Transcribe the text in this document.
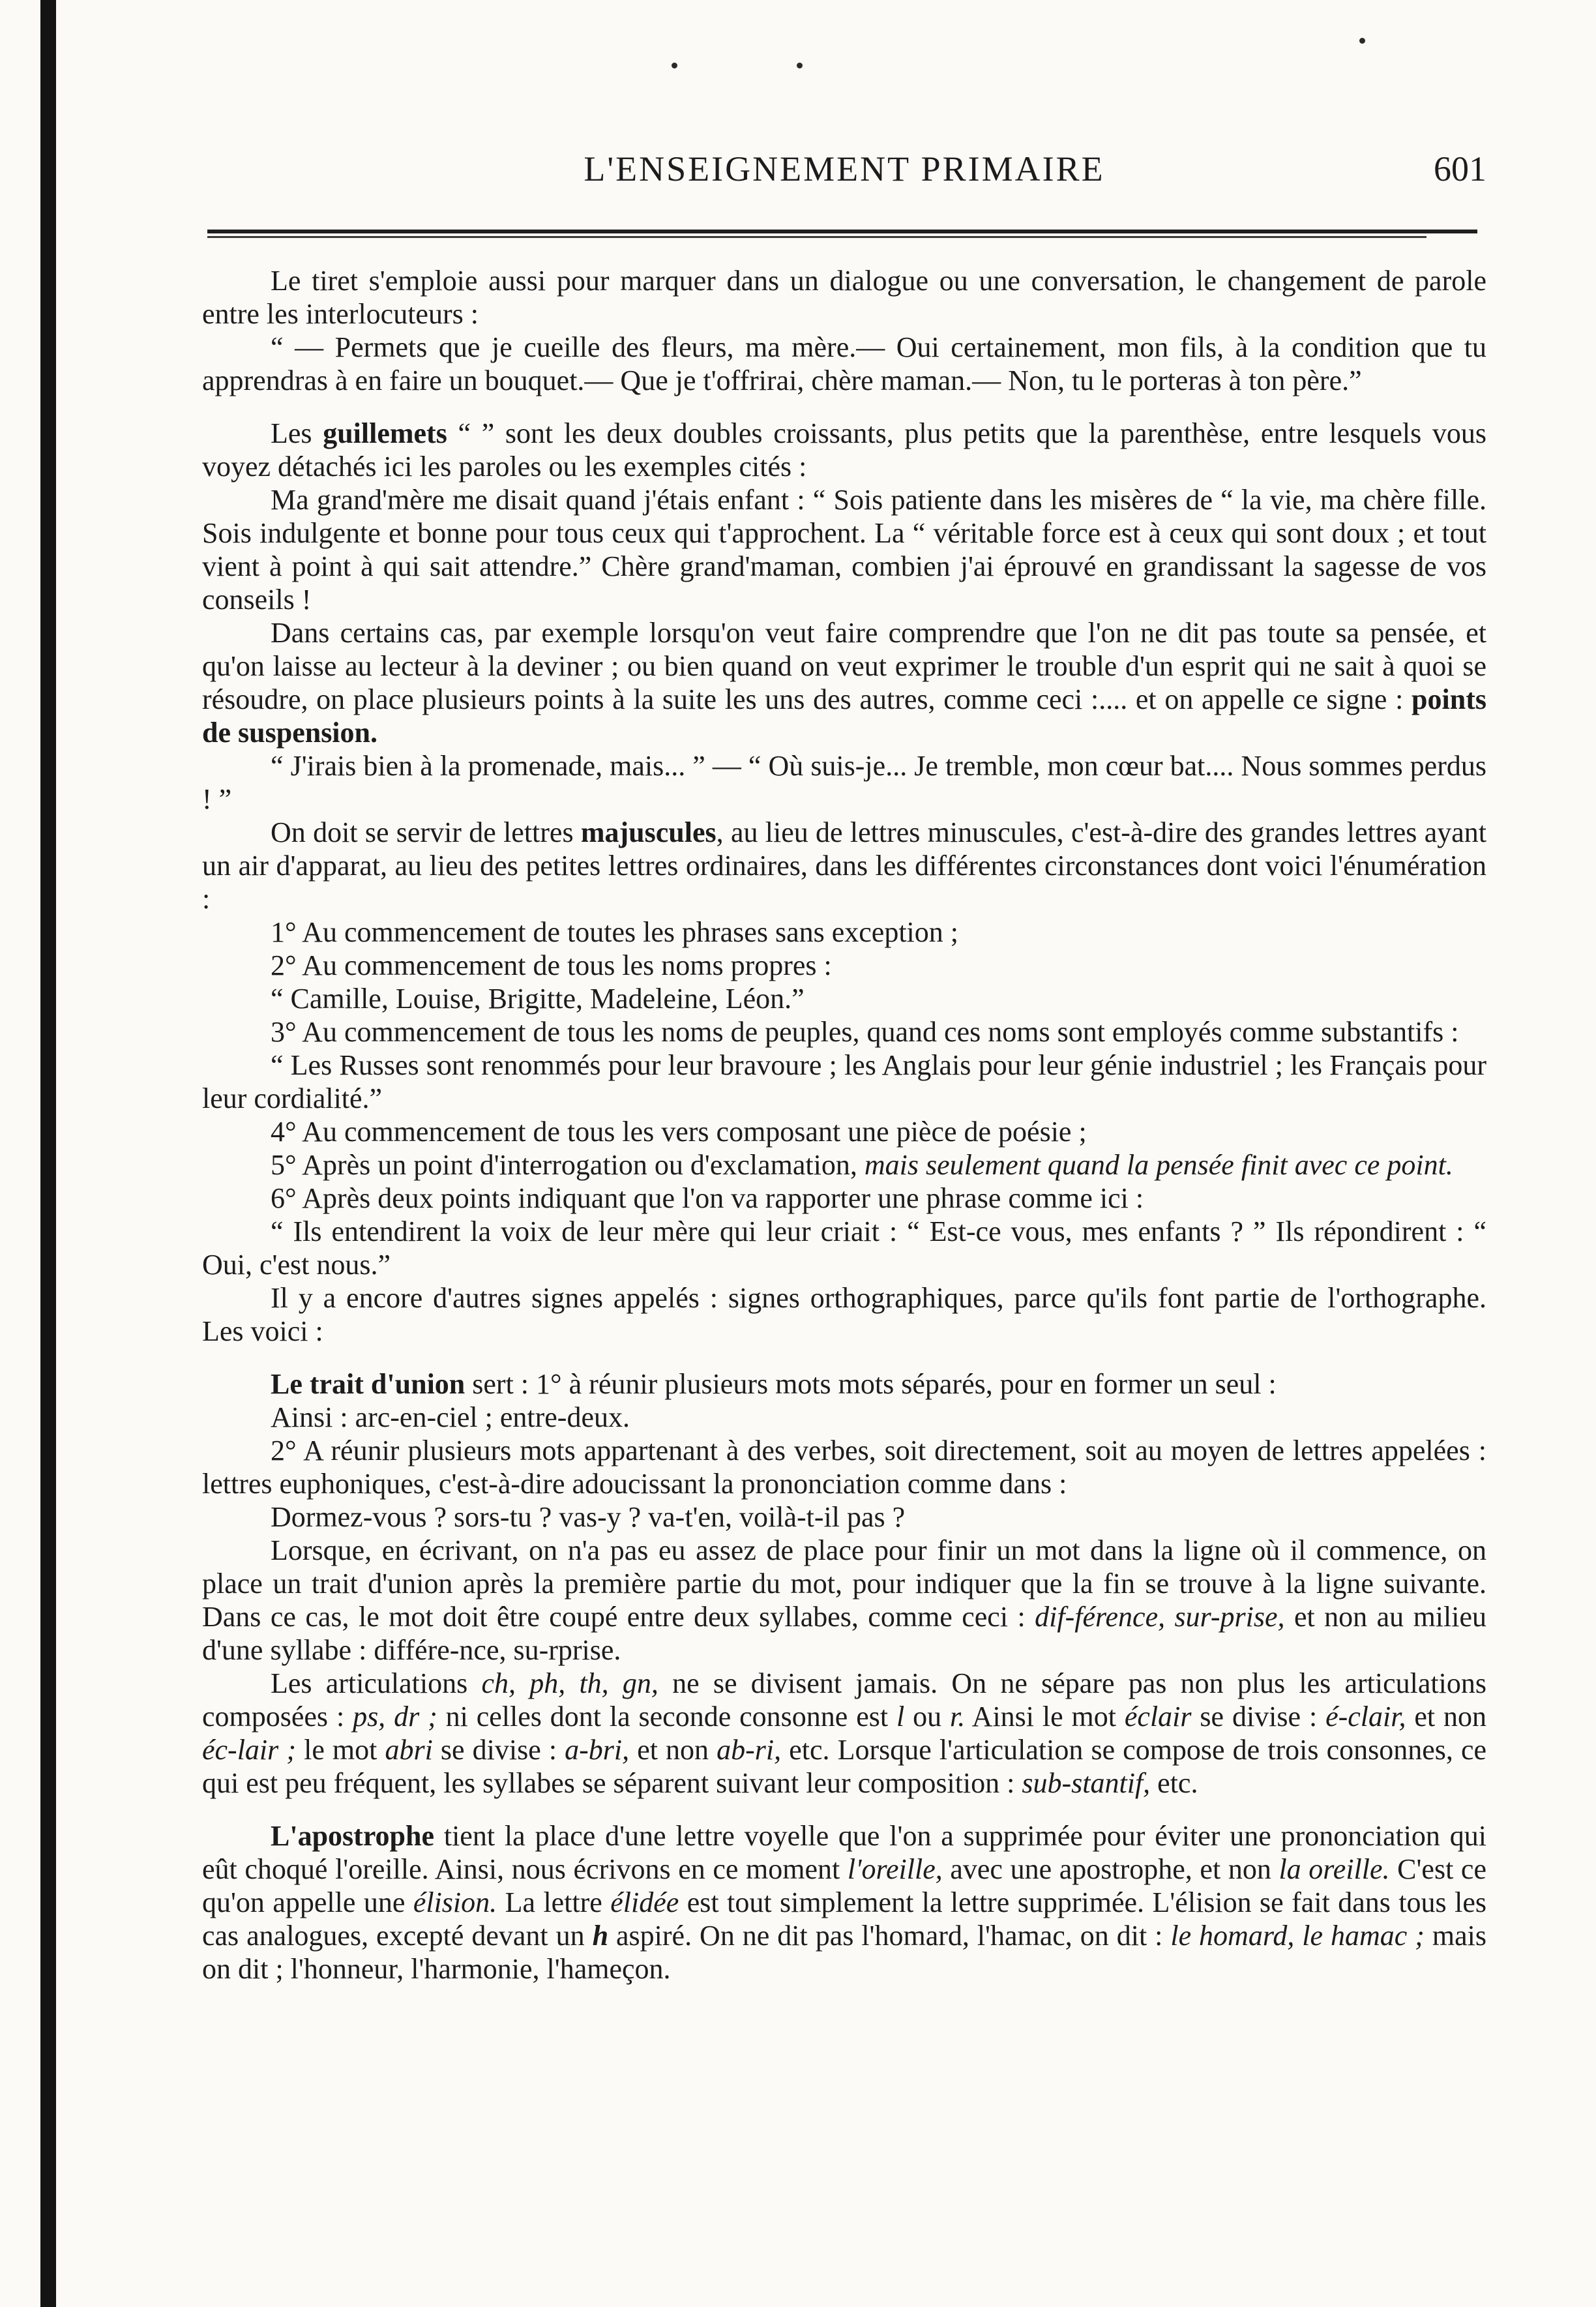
L'ENSEIGNEMENT PRIMAIRE	601

Le tiret s'emploie aussi pour marquer dans un dialogue ou une conversation, le changement de parole entre les interlocuteurs :

“ — Permets que je cueille des fleurs, ma mère.— Oui certainement, mon fils, à la condition que tu apprendras à en faire un bouquet.— Que je t'offrirai, chère maman.— Non, tu le porteras à ton père.”

Les guillemets “ ” sont les deux doubles croissants, plus petits que la parenthèse, entre lesquels vous voyez détachés ici les paroles ou les exemples cités :

Ma grand'mère me disait quand j'étais enfant : “ Sois patiente dans les misères de “ la vie, ma chère fille. Sois indulgente et bonne pour tous ceux qui t'approchent. La “ véritable force est à ceux qui sont doux ; et tout vient à point à qui sait attendre.” Chère grand'maman, combien j'ai éprouvé en grandissant la sagesse de vos conseils !

Dans certains cas, par exemple lorsqu'on veut faire comprendre que l'on ne dit pas toute sa pensée, et qu'on laisse au lecteur à la deviner ; ou bien quand on veut exprimer le trouble d'un esprit qui ne sait à quoi se résoudre, on place plusieurs points à la suite les uns des autres, comme ceci :.... et on appelle ce signe : points de suspension.

“ J'irais bien à la promenade, mais... ” — “ Où suis-je... Je tremble, mon cœur bat.... Nous sommes perdus ! ”

On doit se servir de lettres majuscules, au lieu de lettres minuscules, c'est-à-dire des grandes lettres ayant un air d'apparat, au lieu des petites lettres ordinaires, dans les différentes circonstances dont voici l'énumération :

1° Au commencement de toutes les phrases sans exception ;

2° Au commencement de tous les noms propres :

“ Camille, Louise, Brigitte, Madeleine, Léon.”

3° Au commencement de tous les noms de peuples, quand ces noms sont employés comme substantifs :

“ Les Russes sont renommés pour leur bravoure ; les Anglais pour leur génie industriel ; les Français pour leur cordialité.”

4° Au commencement de tous les vers composant une pièce de poésie ;

5° Après un point d'interrogation ou d'exclamation, mais seulement quand la pensée finit avec ce point.

6° Après deux points indiquant que l'on va rapporter une phrase comme ici :

“ Ils entendirent la voix de leur mère qui leur criait : “ Est-ce vous, mes enfants ? ” Ils répondirent : “ Oui, c'est nous.”

Il y a encore d'autres signes appelés : signes orthographiques, parce qu'ils font partie de l'orthographe. Les voici :

Le trait d'union sert : 1° à réunir plusieurs mots mots séparés, pour en former un seul :

Ainsi : arc-en-ciel ; entre-deux.

2° A réunir plusieurs mots appartenant à des verbes, soit directement, soit au moyen de lettres appelées : lettres euphoniques, c'est-à-dire adoucissant la prononciation comme dans :

Dormez-vous ? sors-tu ? vas-y ? va-t'en, voilà-t-il pas ?

Lorsque, en écrivant, on n'a pas eu assez de place pour finir un mot dans la ligne où il commence, on place un trait d'union après la première partie du mot, pour indiquer que la fin se trouve à la ligne suivante. Dans ce cas, le mot doit être coupé entre deux syllabes, comme ceci : dif-férence, sur-prise, et non au milieu d'une syllabe : différe-nce, su-rprise.

Les articulations ch, ph, th, gn, ne se divisent jamais. On ne sépare pas non plus les articulations composées : ps, dr ; ni celles dont la seconde consonne est l ou r. Ainsi le mot éclair se divise : é-clair, et non éc-lair ; le mot abri se divise : a-bri, et non ab-ri, etc. Lorsque l'articulation se compose de trois consonnes, ce qui est peu fréquent, les syllabes se séparent suivant leur composition : sub-stantif, etc.

L'apostrophe tient la place d'une lettre voyelle que l'on a supprimée pour éviter une prononciation qui eût choqué l'oreille. Ainsi, nous écrivons en ce moment l'oreille, avec une apostrophe, et non la oreille. C'est ce qu'on appelle une élision. La lettre élidée est tout simplement la lettre supprimée. L'élision se fait dans tous les cas analogues, excepté devant un h aspiré. On ne dit pas l'homard, l'hamac, on dit : le homard, le hamac ; mais on dit ; l'honneur, l'harmonie, l'hameçon.
